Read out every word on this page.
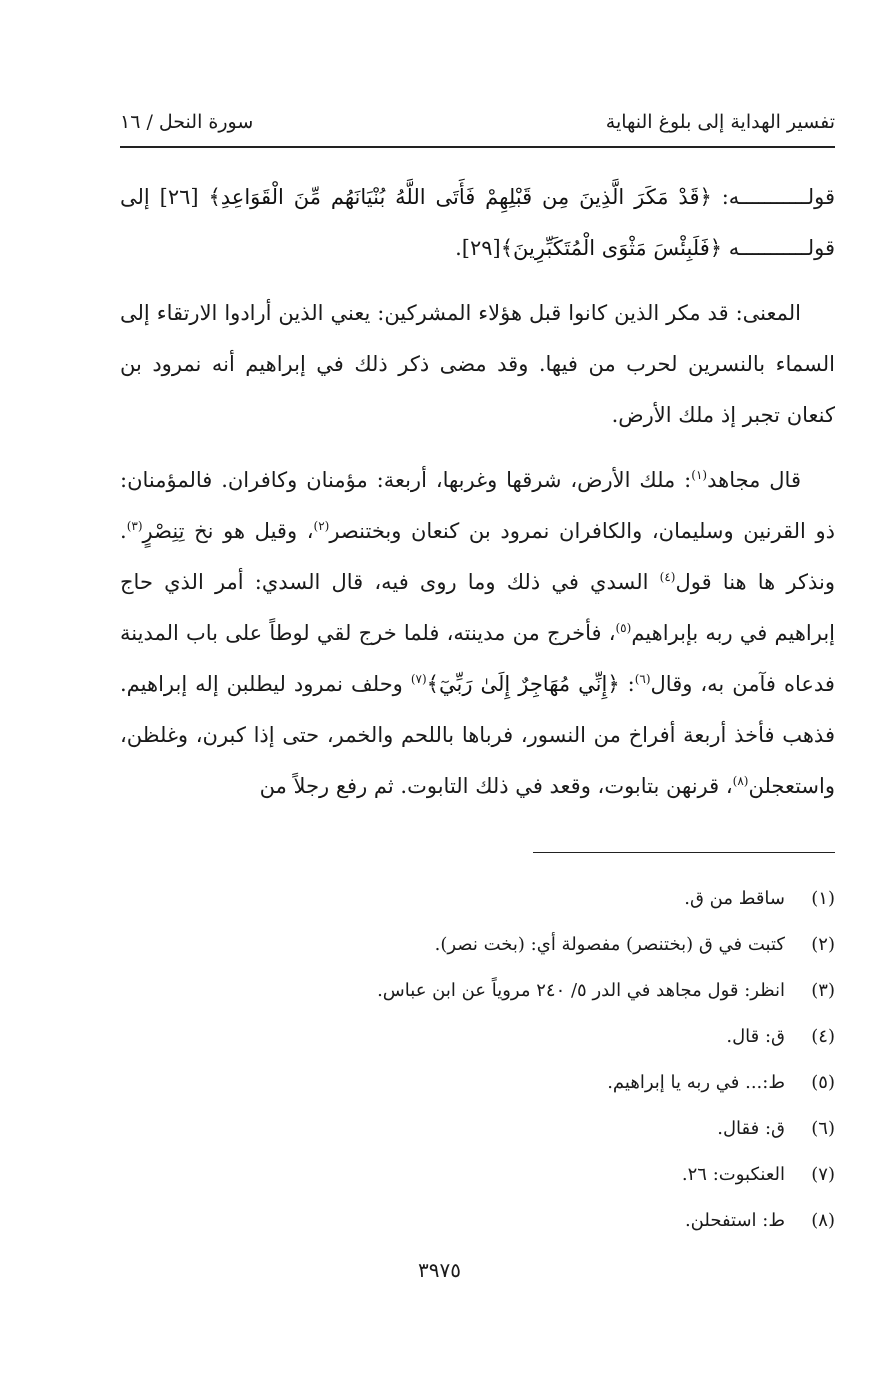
تفسير الهداية إلى بلوغ النهاية
سورة النحل / ١٦

قولـــــــــــه: ﴿قَدْ مَكَرَ الَّذِينَ مِن قَبْلِهِمْ فَأَتَى اللَّهُ بُنْيَانَهُم مِّنَ الْقَوَاعِدِ﴾ [٢٦] إلى قولـــــــــــه ﴿فَلَبِئْسَ مَثْوَى الْمُتَكَبِّرِينَ﴾[٢٩].

المعنى: قد مكر الذين كانوا قبل هؤلاء المشركين: يعني الذين أرادوا الارتقاء إلى السماء بالنسرين لحرب من فيها. وقد مضى ذكر ذلك في إبراهيم أنه نمرود بن كنعان تجبر إذ ملك الأرض.

قال مجاهد$^{(١)}$: ملك الأرض، شرقها وغربها، أربعة: مؤمنان وكافران. فالمؤمنان: ذو القرنين وسليمان، والكافران نمرود بن كنعان وبختنصر$^{(٢)}$، وقيل هو نخ تِنِصْرٍ$^{(٣)}$. ونذكر ها هنا قول$^{(٤)}$ السدي في ذلك وما روى فيه، قال السدي: أمر الذي حاج إبراهيم في ربه بإبراهيم$^{(٥)}$، فأخرج من مدينته، فلما خرج لقي لوطاً على باب المدينة فدعاه فآمن به، وقال$^{(٦)}$: ﴿إِنِّي مُهَاجِرٌ إِلَىٰ رَبِّيٓ﴾$^{(٧)}$ وحلف نمرود ليطلبن إله إبراهيم. فذهب فأخذ أربعة أفراخ من النسور، فرباها باللحم والخمر، حتى إذا كبرن، وغلظن، واستعجلن$^{(٨)}$، قرنهن بتابوت، وقعد في ذلك التابوت. ثم رفع رجلاً من

(١)
ساقط من ق.
(٢)
كتبت في ق (بختنصر) مفصولة أي: (بخت نصر).
(٣)
انظر: قول مجاهد في الدر ٥/ ٢٤٠ مروياً عن ابن عباس.
(٤)
ق: قال.
(٥)
ط:... في ربه يا إبراهيم.
(٦)
ق: فقال.
(٧)
العنكبوت: ٢٦.
(٨)
ط: استفحلن.
٣٩٧٥
